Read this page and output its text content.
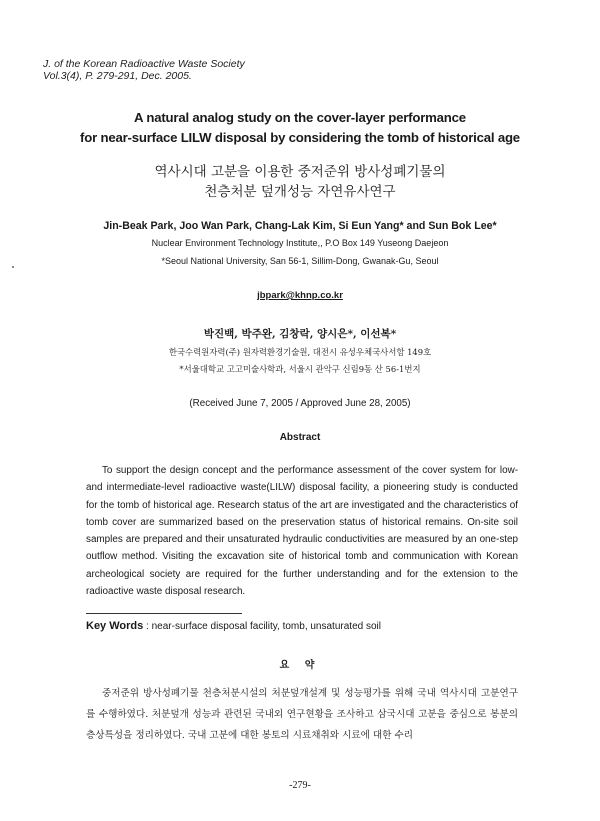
J. of the Korean Radioactive Waste Society
Vol.3(4), P. 279-291, Dec. 2005.
A natural analog study on the cover-layer performance
for near-surface LILW disposal by considering the tomb of historical age
역사시대 고분을 이용한 중저준위 방사성폐기물의
천층처분 덮개성능 자연유사연구
Jin-Beak Park, Joo Wan Park, Chang-Lak Kim, Si Eun Yang* and Sun Bok Lee*
Nuclear Environment Technology Institute,, P.O Box 149 Yuseong Daejeon
*Seoul National University, San 56-1, Sillim-Dong, Gwanak-Gu, Seoul
jbpark@khnp.co.kr
박진백, 박주완, 김창락, 양시은*, 이선복*
한국수력원자력(주) 원자력환경기술원, 대전시 유성우체국사서함 149호
*서울대학교 고고미술사학과, 서울시 관악구 신림9동 산 56-1번지
(Received June 7, 2005 / Approved June 28, 2005)
Abstract

To support the design concept and the performance assessment of the cover system for low- and intermediate-level radioactive waste(LILW) disposal facility, a pioneering study is conducted for the tomb of historical age. Research status of the art are investigated and the characteristics of tomb cover are summarized based on the preservation status of historical remains. On-site soil samples are prepared and their unsaturated hydraulic conductivities are measured by an one-step outflow method. Visiting the excavation site of historical tomb and communication with Korean archeological society are required for the further understanding and for the extension to the radioactive waste disposal research.

Key Words : near-surface disposal facility, tomb, unsaturated soil
요 약

중저준위 방사성폐기물 천층처분시설의 처분덮개설계 및 성능평가를 위해 국내 역사시대 고분연구를 수행하였다. 처분덮개 성능과 관련된 국내외 연구현황을 조사하고 삼국시대 고분을 중심으로 봉분의 층상특성을 정리하였다. 국내 고분에 대한 봉토의 시료채취와 시료에 대한 수리

-279-
